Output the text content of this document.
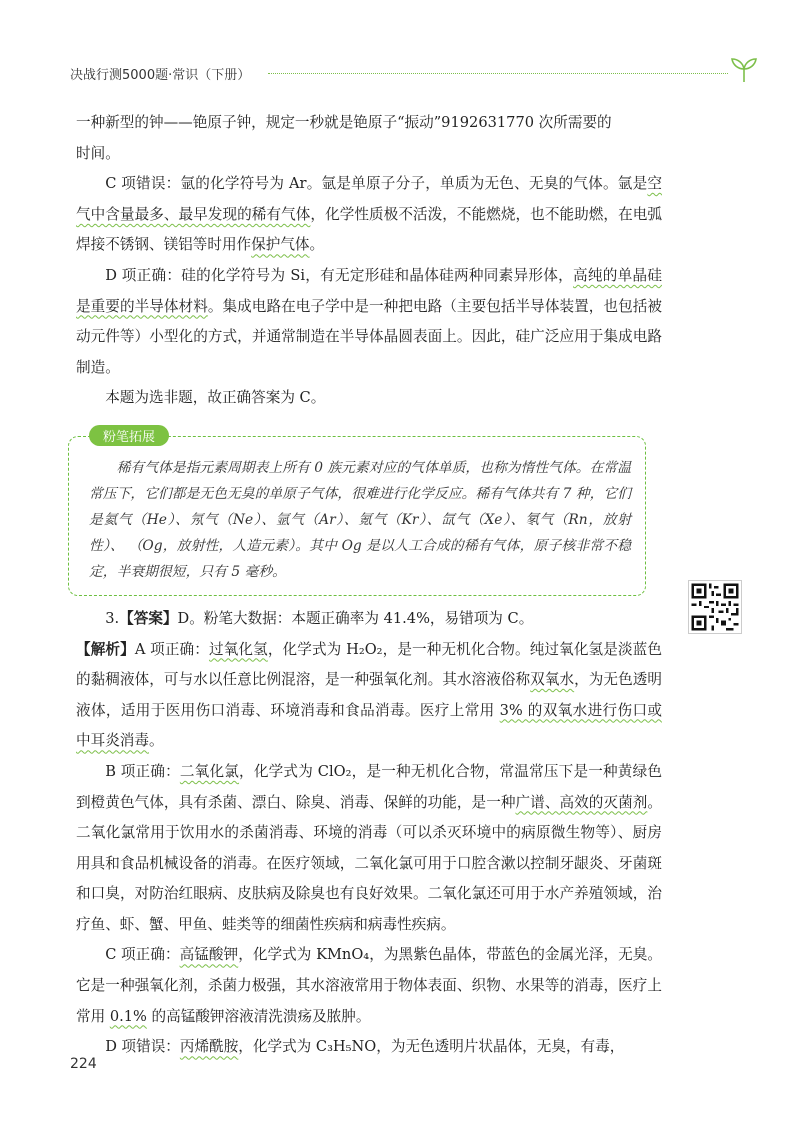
决战行测5000题·常识（下册）

一种新型的钟——铯原子钟，规定一秒就是铯原子“振动”9192631770 次所需要的
时间。

C 项错误：氩的化学符号为 Ar。氩是单原子分子，单质为无色、无臭的气体。氩是空气中含量最多、最早发现的稀有气体，化学性质极不活泼，不能燃烧，也不能助燃，在电弧焊接不锈钢、镁铝等时用作保护气体。

D 项正确：硅的化学符号为 Si，有无定形硅和晶体硅两种同素异形体，高纯的单晶硅是重要的半导体材料。集成电路在电子学中是一种把电路（主要包括半导体装置，也包括被动元件等）小型化的方式，并通常制造在半导体晶圆表面上。因此，硅广泛应用于集成电路制造。

本题为选非题，故正确答案为 C。

粉笔拓展

稀有气体是指元素周期表上所有 0 族元素对应的气体单质，也称为惰性气体。在常温常压下，它们都是无色无臭的单原子气体，很难进行化学反应。稀有气体共有 7 种，它们是氦气（He）、氖气（Ne）、氩气（Ar）、氪气（Kr）、氙气（Xe）、氡气（Rn，放射性）、 （Og，放射性，人造元素）。其中 Og 是以人工合成的稀有气体，原子核非常不稳定，半衰期很短，只有 5 毫秒。

3.【答案】D。粉笔大数据：本题正确率为 41.4%，易错项为 C。

【解析】A 项正确：过氧化氢，化学式为 H₂O₂，是一种无机化合物。纯过氧化氢是淡蓝色的黏稠液体，可与水以任意比例混溶，是一种强氧化剂。其水溶液俗称双氧水，为无色透明液体，适用于医用伤口消毒、环境消毒和食品消毒。医疗上常用 3% 的双氧水进行伤口或中耳炎消毒。

B 项正确：二氧化氯，化学式为 ClO₂，是一种无机化合物，常温常压下是一种黄绿色到橙黄色气体，具有杀菌、漂白、除臭、消毒、保鲜的功能，是一种广谱、高效的灭菌剂。二氧化氯常用于饮用水的杀菌消毒、环境的消毒（可以杀灭环境中的病原微生物等）、厨房用具和食品机械设备的消毒。在医疗领域，二氧化氯可用于口腔含漱以控制牙龈炎、牙菌斑和口臭，对防治红眼病、皮肤病及除臭也有良好效果。二氧化氯还可用于水产养殖领域，治疗鱼、虾、蟹、甲鱼、蛙类等的细菌性疾病和病毒性疾病。

C 项正确：高锰酸钾，化学式为 KMnO₄，为黑紫色晶体，带蓝色的金属光泽，无臭。它是一种强氧化剂，杀菌力极强，其水溶液常用于物体表面、织物、水果等的消毒，医疗上常用 0.1% 的高锰酸钾溶液清洗溃疡及脓肿。

D 项错误：丙烯酰胺，化学式为 C₃H₅NO，为无色透明片状晶体，无臭，有毒，

224
